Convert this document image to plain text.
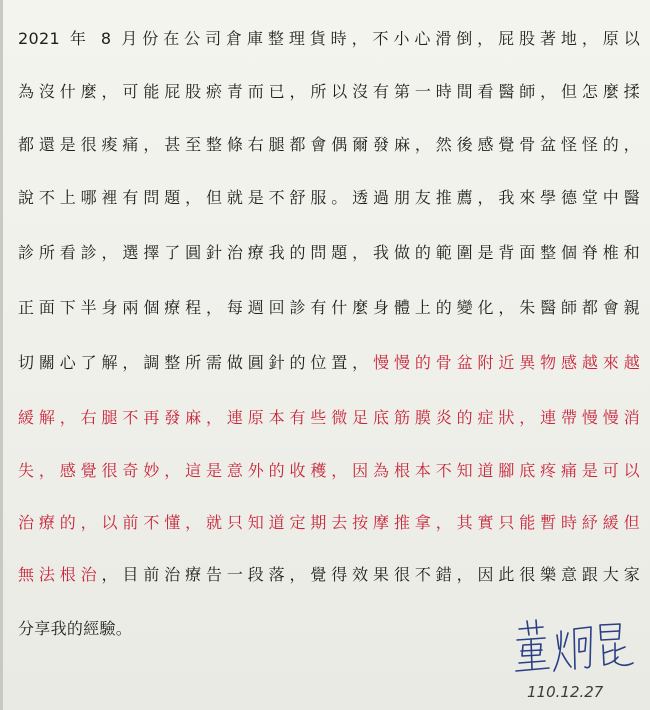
2021 年 8 月份在公司倉庫整理貨時，不小心滑倒，屁股著地，原以
為沒什麼，可能屁股瘀青而已，所以沒有第一時間看醫師，但怎麼揉
都還是很痠痛，甚至整條右腿都會偶爾發麻，然後感覺骨盆怪怪的，
說不上哪裡有問題，但就是不舒服。透過朋友推薦，我來學德堂中醫
診所看診，選擇了圓針治療我的問題，我做的範圍是背面整個脊椎和
正面下半身兩個療程，每週回診有什麼身體上的變化，朱醫師都會親
切關心了解，調整所需做圓針的位置，慢慢的骨盆附近異物感越來越
緩解，右腿不再發麻，連原本有些微足底筋膜炎的症狀，連帶慢慢消
失，感覺很奇妙，這是意外的收穫，因為根本不知道腳底疼痛是可以
治療的，以前不懂，就只知道定期去按摩推拿，其實只能暫時紓緩但
無法根治，目前治療告一段落，覺得效果很不錯，因此很樂意跟大家
分享我的經驗。
110.12.27
